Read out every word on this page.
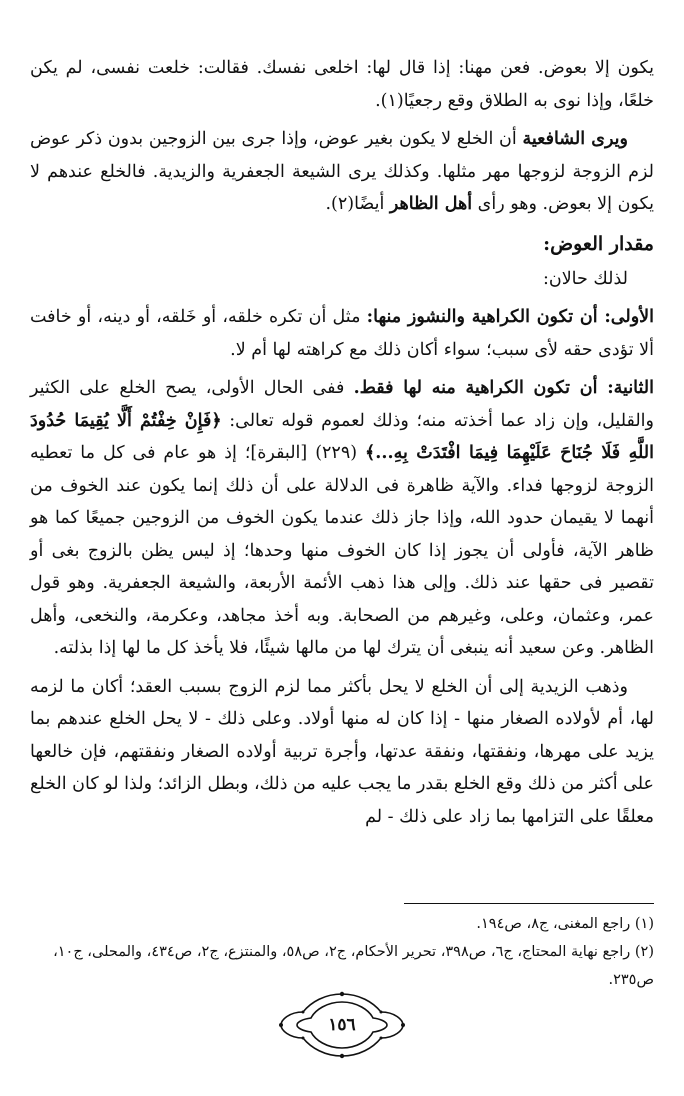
يكون إلا بعوض. فعن مهنا: إذا قال لها: اخلعى نفسك. فقالت: خلعت نفسى، لم يكن خلعًا، وإذا نوى به الطلاق وقع رجعيًا(١).

ويرى الشافعية أن الخلع لا يكون بغير عوض، وإذا جرى بين الزوجين بدون ذكر عوض لزم الزوجة لزوجها مهر مثلها. وكذلك يرى الشيعة الجعفرية والزيدية. فالخلع عندهم لا يكون إلا بعوض. وهو رأى أهل الظاهر أيضًا(٢).

مقدار العوض:

لذلك حالان:

الأولى: أن تكون الكراهية والنشوز منها: مثل أن تكره خلقه، أو خَلقه، أو دينه، أو خافت ألا تؤدى حقه لأى سبب؛ سواء أكان ذلك مع كراهته لها أم لا.

الثانية: أن تكون الكراهية منه لها فقط. ففى الحال الأولى، يصح الخلع على الكثير والقليل، وإن زاد عما أخذته منه؛ وذلك لعموم قوله تعالى: ﴿فَإِنْ خِفْتُمْ أَلَّا يُقِيمَا حُدُودَ اللَّهِ فَلَا جُنَاحَ عَلَيْهِمَا فِيمَا افْتَدَتْ بِهِ...﴾ (٢٢٩) [البقرة]؛ إذ هو عام فى كل ما تعطيه الزوجة لزوجها فداء. والآية ظاهرة فى الدلالة على أن ذلك إنما يكون عند الخوف من أنهما لا يقيمان حدود الله، وإذا جاز ذلك عندما يكون الخوف من الزوجين جميعًا كما هو ظاهر الآية، فأولى أن يجوز إذا كان الخوف منها وحدها؛ إذ ليس يظن بالزوج بغى أو تقصير فى حقها عند ذلك. وإلى هذا ذهب الأئمة الأربعة، والشيعة الجعفرية. وهو قول عمر، وعثمان، وعلى، وغيرهم من الصحابة. وبه أخذ مجاهد، وعكرمة، والنخعى، وأهل الظاهر. وعن سعيد أنه ينبغى أن يترك لها من مالها شيئًا، فلا يأخذ كل ما لها إذا بذلته.

وذهب الزيدية إلى أن الخلع لا يحل بأكثر مما لزم الزوج بسبب العقد؛ أكان ما لزمه لها، أم لأولاده الصغار منها - إذا كان له منها أولاد. وعلى ذلك - لا يحل الخلع عندهم بما يزيد على مهرها، ونفقتها، ونفقة عدتها، وأجرة تربية أولاده الصغار ونفقتهم، فإن خالعها على أكثر من ذلك وقع الخلع بقدر ما يجب عليه من ذلك، وبطل الزائد؛ ولذا لو كان الخلع معلقًا على التزامها بما زاد على ذلك - لم

(١) راجع المغنى، ج٨، ص١٩٤.

(٢) راجع نهاية المحتاج، ج٦، ص٣٩٨، تحرير الأحكام، ج٢، ص٥٨، والمنتزع، ج٢، ص٤٣٤، والمحلى، ج١٠، ص٢٣٥.

١٥٦
